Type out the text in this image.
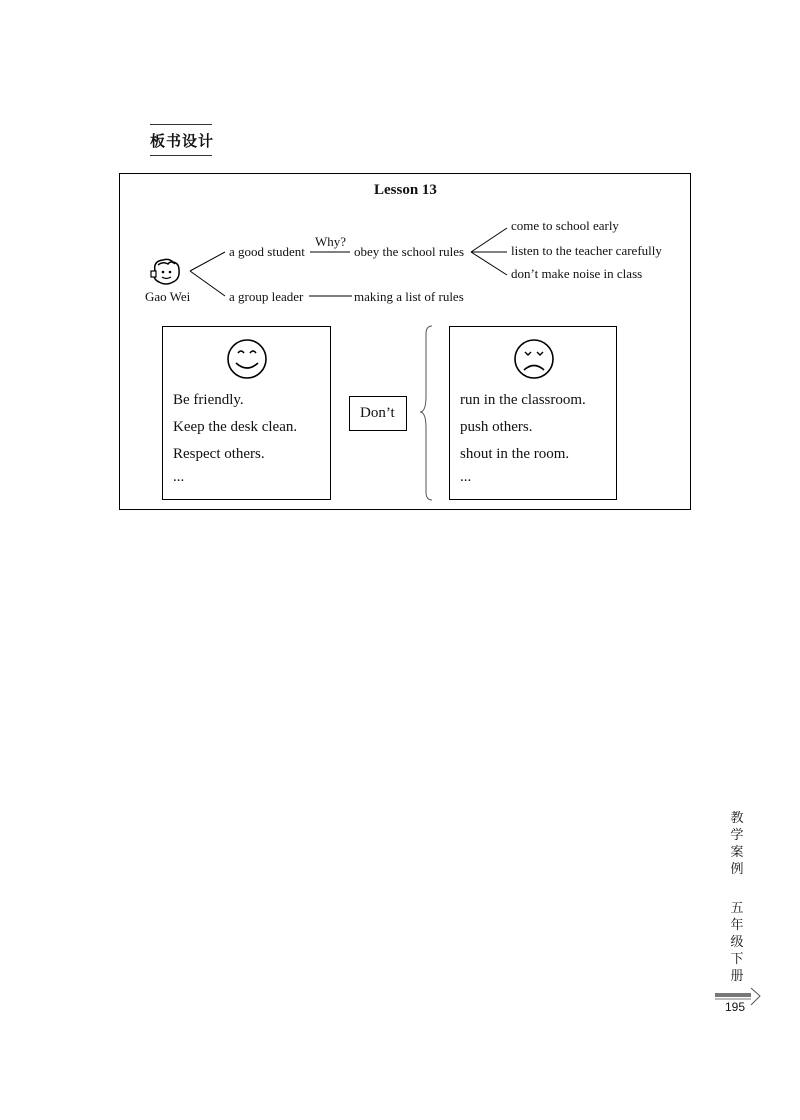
板书设计
Lesson 13
Gao Wei
a good student
Why?
obey the school rules
come to school early
listen to the teacher carefully
don’t make noise in class
a group leader	making a list of rules
Be friendly.
Keep the desk clean.
Respect others.
...
Don’t
run in the classroom.
push others.
shout in the room.
...
教
学
案
例
五
年
级
下
册
195
